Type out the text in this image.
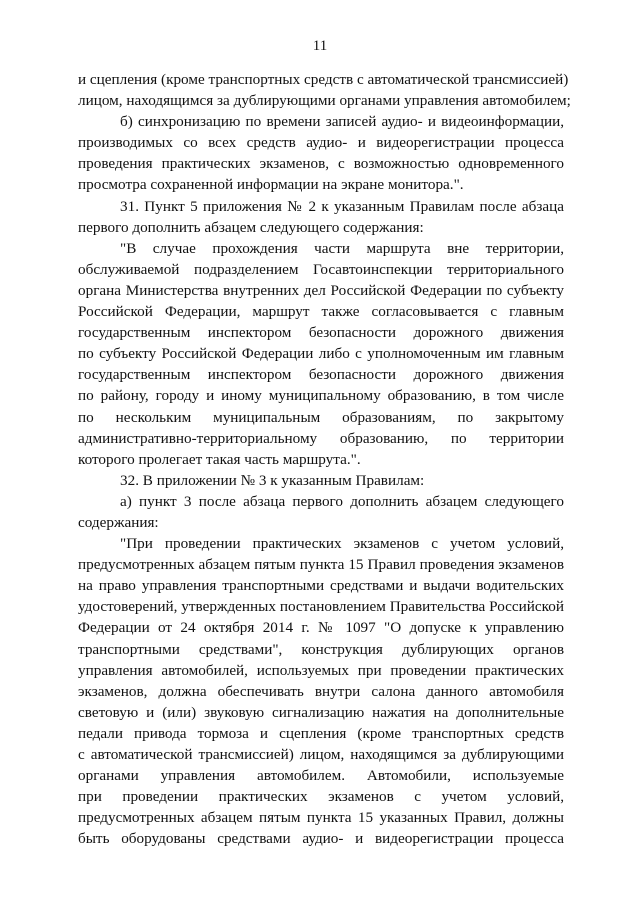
11
и сцепления (кроме транспортных средств с автоматической трансмиссией)
лицом, находящимся за дублирующими органами управления автомобилем;
б) синхронизацию по времени записей аудио- и видеоинформации,
производимых со всех средств аудио- и видеорегистрации процесса
проведения практических экзаменов, с возможностью одновременного
просмотра сохраненной информации на экране монитора.".
31. Пункт 5 приложения № 2 к указанным Правилам после абзаца
первого дополнить абзацем следующего содержания:
"В случае прохождения части маршрута вне территории,
обслуживаемой подразделением Госавтоинспекции территориального
органа Министерства внутренних дел Российской Федерации по субъекту
Российской Федерации, маршрут также согласовывается с главным
государственным инспектором безопасности дорожного движения
по субъекту Российской Федерации либо с уполномоченным им главным
государственным инспектором безопасности дорожного движения
по району, городу и иному муниципальному образованию, в том числе
по нескольким муниципальным образованиям, по закрытому
административно-территориальному образованию, по территории
которого пролегает такая часть маршрута.".
32. В приложении № 3 к указанным Правилам:
а) пункт 3 после абзаца первого дополнить абзацем следующего
содержания:
"При проведении практических экзаменов с учетом условий,
предусмотренных абзацем пятым пункта 15 Правил проведения экзаменов
на право управления транспортными средствами и выдачи водительских
удостоверений, утвержденных постановлением Правительства Российской
Федерации от 24 октября 2014 г. № 1097 "О допуске к управлению
транспортными средствами", конструкция дублирующих органов
управления автомобилей, используемых при проведении практических
экзаменов, должна обеспечивать внутри салона данного автомобиля
световую и (или) звуковую сигнализацию нажатия на дополнительные
педали привода тормоза и сцепления (кроме транспортных средств
с автоматической трансмиссией) лицом, находящимся за дублирующими
органами управления автомобилем. Автомобили, используемые
при проведении практических экзаменов с учетом условий,
предусмотренных абзацем пятым пункта 15 указанных Правил, должны
быть оборудованы средствами аудио- и видеорегистрации процесса
